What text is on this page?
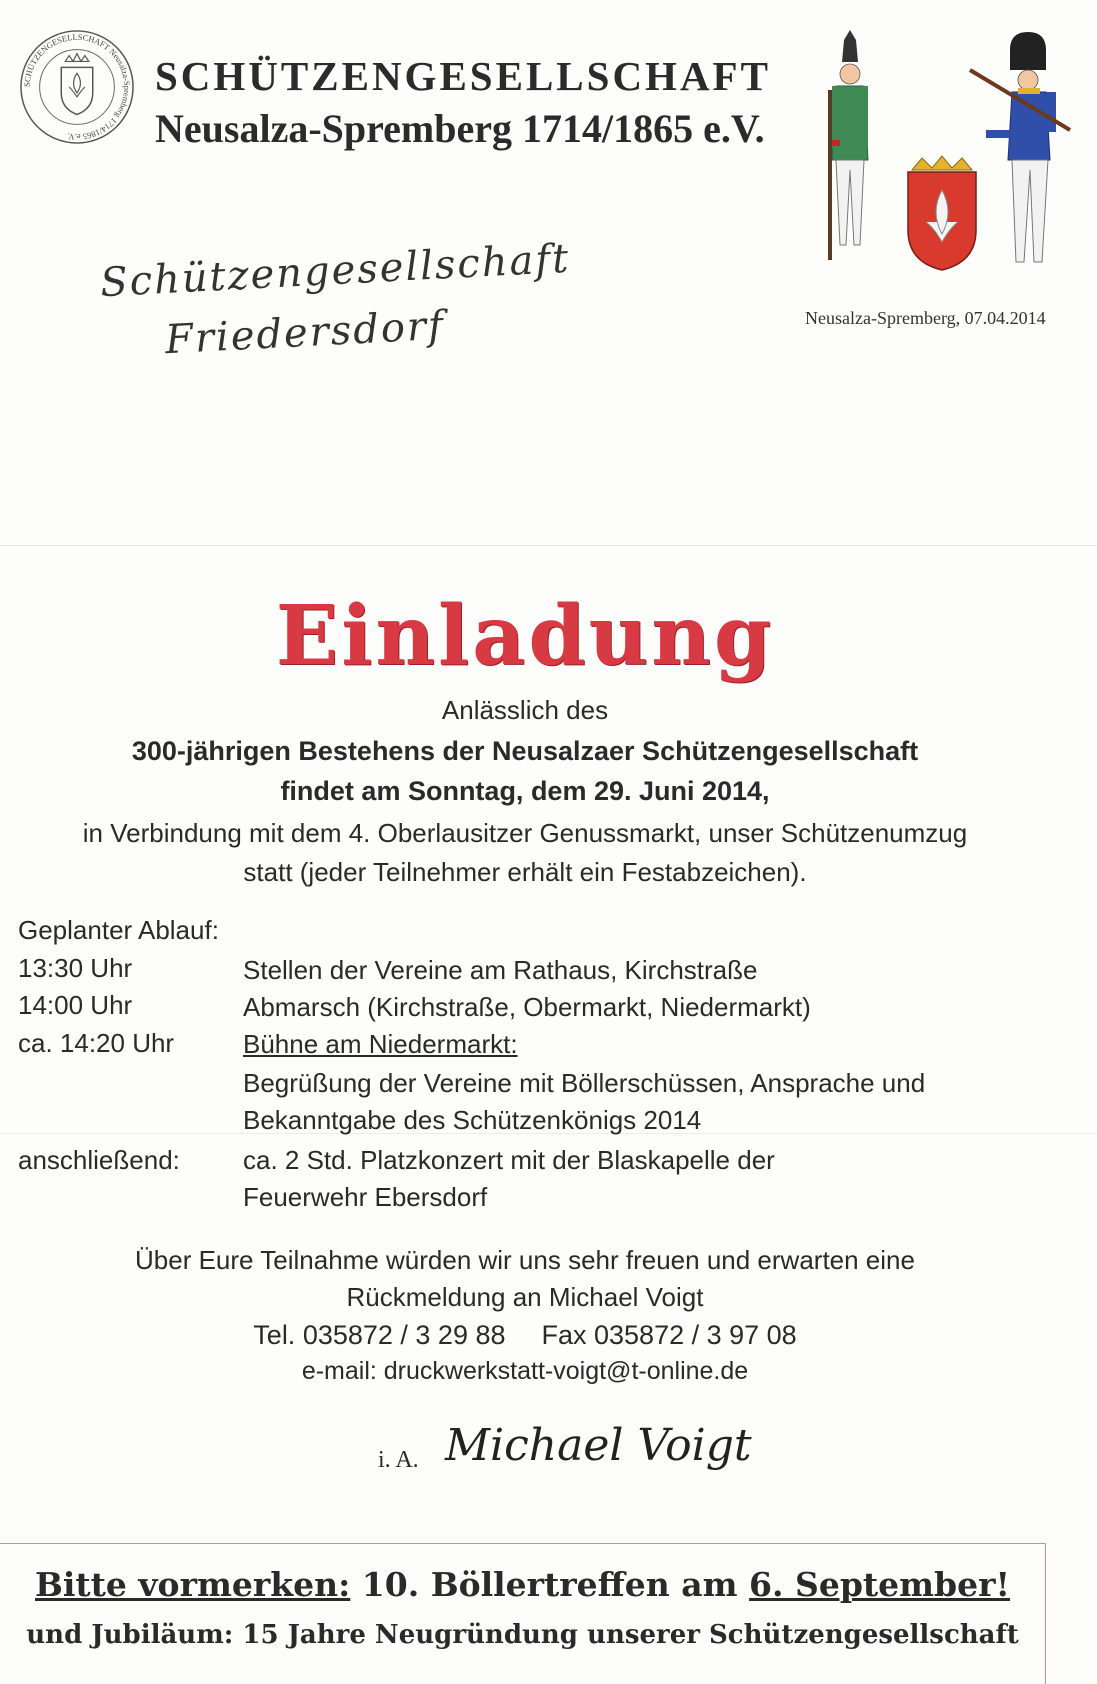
SCHÜTZENGESELLSCHAFT Neusalza-Spremberg 1714/1865 e.V.
SCHÜTZENGESELLSCHAFT
Neusalza-Spremberg 1714/1865 e.V.
Schützengesellschaft
Friedersdorf	Neusalza-Spremberg, 07.04.2014
Einladung
Anlässlich des
300-jährigen Bestehens der Neusalzaer Schützengesellschaft
findet am Sonntag, dem 29. Juni 2014,
in Verbindung mit dem 4. Oberlausitzer Genussmarkt, unser Schützenumzug
statt (jeder Teilnehmer erhält ein Festabzeichen).
Geplanter Ablauf:
13:30 Uhr	Stellen der Vereine am Rathaus, Kirchstraße
14:00 Uhr	Abmarsch (Kirchstraße, Obermarkt, Niedermarkt)
ca. 14:20 Uhr	Bühne am Niedermarkt:
Begrüßung der Vereine mit Böllerschüssen, Ansprache und
Bekanntgabe des Schützenkönigs 2014
anschließend: ca. 2 Std. Platzkonzert mit der Blaskapelle der
Feuerwehr Ebersdorf
Über Eure Teilnahme würden wir uns sehr freuen und erwarten eine
Rückmeldung an Michael Voigt
Tel. 035872 / 3 29 88 Fax 035872 / 3 97 08
e-mail: druckwerkstatt-voigt@t-online.de
i. A. Michael Voigt
Bitte vormerken: 10. Böllertreffen am 6. September!
und Jubiläum: 15 Jahre Neugründung unserer Schützengesellschaft
